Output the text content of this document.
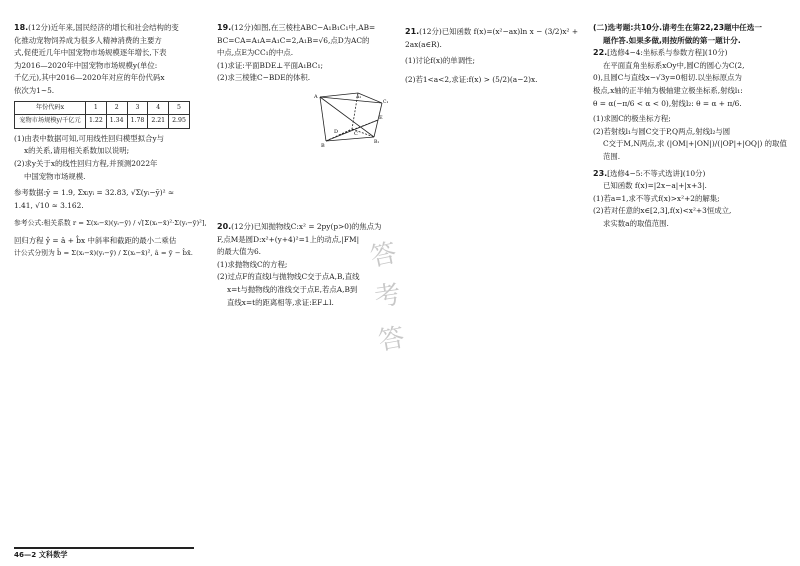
18.(12分)近年来,国民经济的增长和社会结构的变
化推动宠物饲养成为很多人精神消费的主要方
式,促使近几年中国宠物市场规模逐年增长,下表
为2016—2020年中国宠物市场规模y(单位:
千亿元),其中2016—2020年对应的年份代码x
依次为1~5.
年份代码x	1	2	3	4	5
宠物市场规模y/千亿元	1.22	1.34	1.78	2.21	2.95
(1)由表中数据可知,可用线性回归模型拟合y与
x的关系,请用相关系数加以说明;
(2)求y关于x的线性回归方程,并预测2022年
中国宠物市场规模.
参考数据:ȳ = 1.9, Σxᵢyᵢ = 32.83, √Σ(yᵢ−ȳ)² ≈
1.41, √10 ≈ 3.162.
参考公式:相关系数 r = Σ(xᵢ−x̄)(yᵢ−ȳ) / √[Σ(xᵢ−x̄)²·Σ(yᵢ−ȳ)²],
回归方程 ŷ = â + b̂x 中斜率和截距的最小二乘估
计公式分别为 b̂ = Σ(xᵢ−x̄)(yᵢ−ȳ) / Σ(xᵢ−x̄)², â = ȳ − b̂x̄.
19.(12分)如图,在三棱柱ABC−A₁B₁C₁中,AB=
BC=CA=A₁A=A₁C=2,A₁B=√6,点D为AC的
中点,点E为CC₁的中点.
(1)求证:平面BDE⊥平面A₁BC₁;
(2)求三棱锥C−BDE的体积.
A
B
C
D
E
A₁
B₁
C₁
20.(12分)已知抛物线C:x² = 2py(p>0)的焦点为
F,点M是圆D:x²+(y+4)²=1上的动点,|FM|
的最大值为6.
(1)求抛物线C的方程;
(2)过点F的直线l与抛物线C交于点A,B,直线
x=t与抛物线的准线交于点E,若点A,B到
直线x=t的距离相等,求证:EF⊥l.
答
考
答
21.(12分)已知函数 f(x)=(x²−ax)ln x − (3/2)x² +
2ax(a∈R).
(1)讨论f(x)的单调性;
(2)若1<a<2,求证:f(x) > (5/2)(a−2)x.
(二)选考题:共10分.请考生在第22,23题中任选一
题作答.如果多做,则按所做的第一题计分.
22.[选修4−4:坐标系与参数方程](10分)
在平面直角坐标系xOy中,圆C的圆心为C(2,
0),且圆C与直线x−√3y=0相切.以坐标原点为
极点,x轴的正半轴为极轴建立极坐标系,射线l₁:
θ = α(−π/6 < α < 0),射线l₂: θ = α + π/6.
(1)求圆C的极坐标方程;
(2)若射线l₁与圆C交于P,Q两点,射线l₂与圆
C交于M,N两点,求 (|OM|+|ON|)/(|OP|+|OQ|) 的取值
范围.
23.[选修4−5:不等式选讲](10分)
已知函数 f(x)=|2x−a|+|x+3|.
(1)若a=1,求不等式f(x)>x²+2的解集;
(2)若对任意的x∈[2,3],f(x)<x²+3恒成立,
求实数a的取值范围.
46—2 文科数学
